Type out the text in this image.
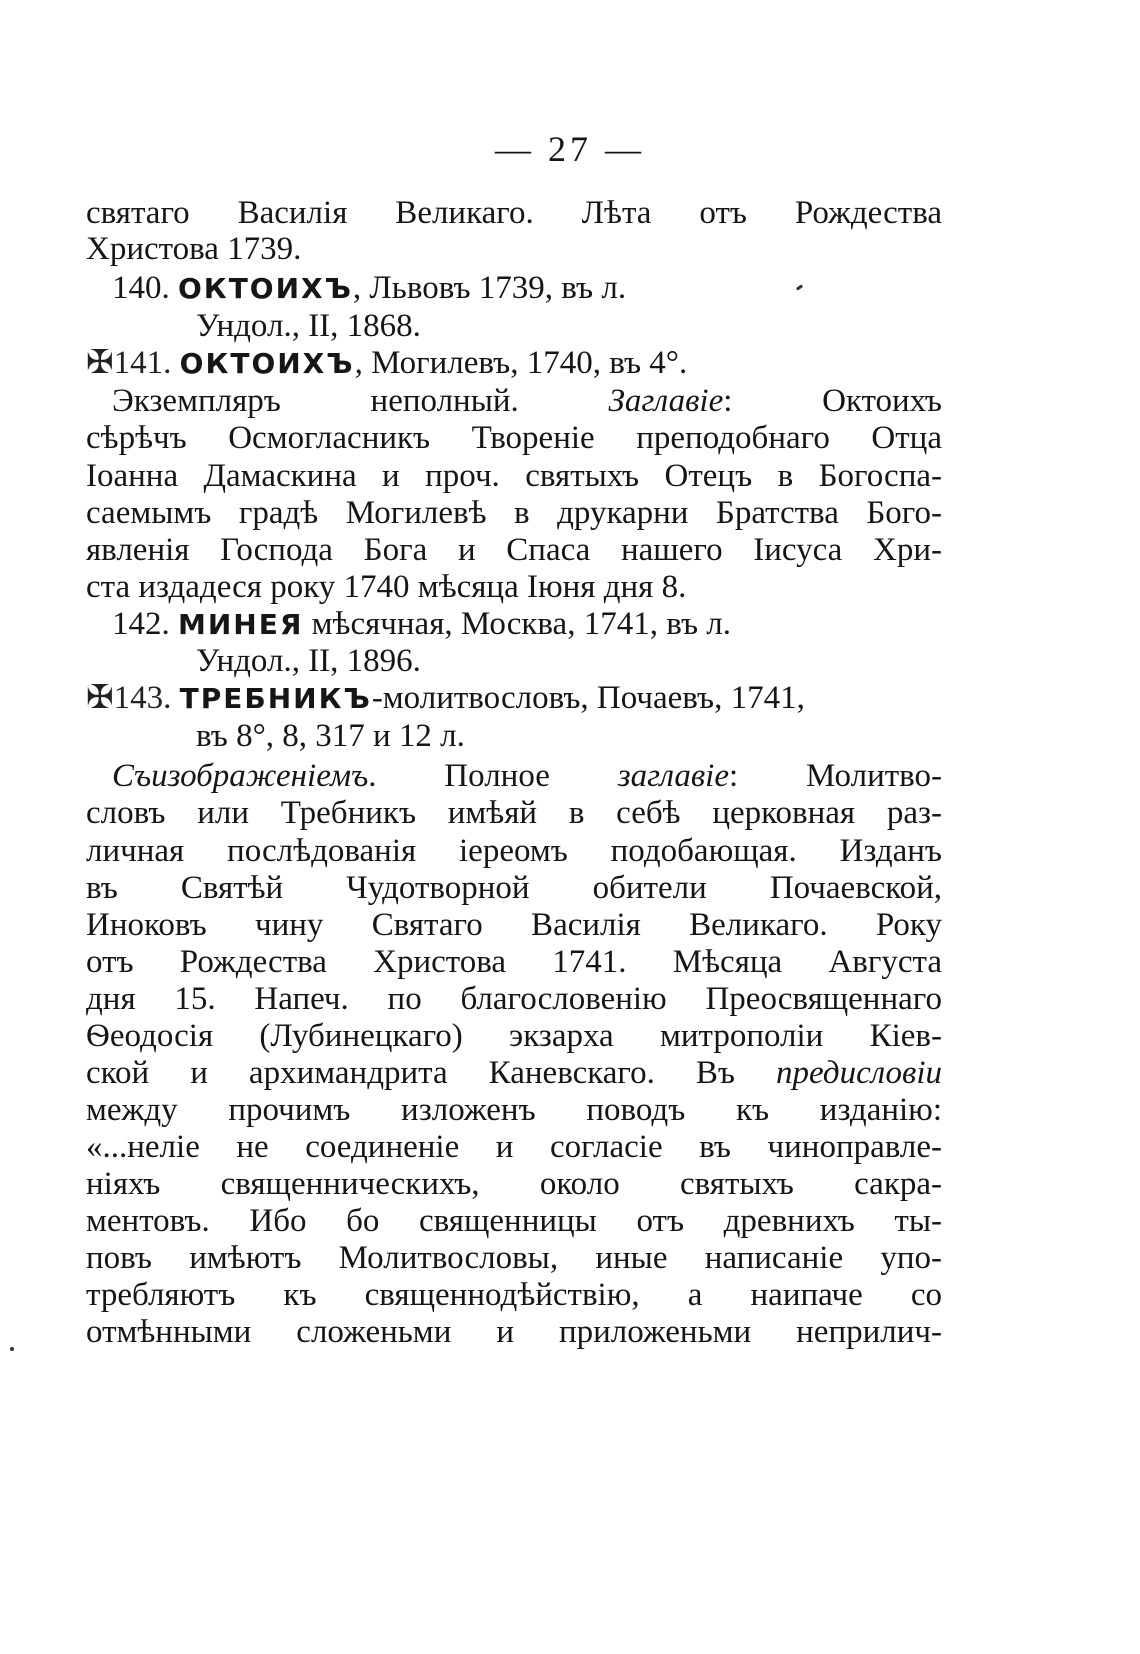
— 27 —
святаго Василія Великаго. Лѣта отъ Рождества
Христова 1739.
140. ОКТОИХЪ, Львовъ 1739, въ л.
Ундол., II, 1868.
✠141. ОКТОИХЪ, Могилевъ, 1740, въ 4°.
Экземпляръ неполный. Заглавіе: Октоихъ
сѣрѣчъ Осмогласникъ Твореніе преподобнаго Отца
Іоанна Дамаскина и проч. святыхъ Отецъ в Богоспа-
саемымъ градѣ Могилевѣ в друкарни Братства Бого-
явленія Господа Бога и Спаса нашего Іисуса Хри-
ста издадеся року 1740 мѣсяца Іюня дня 8.
142. МИНЕЯ мѣсячная, Москва, 1741, въ л.
Ундол., II, 1896.
✠143. ТРЕБНИКЪ-молитвословъ, Почаевъ, 1741,
въ 8°, 8, 317 и 12 л.
Съизображеніемъ. Полное заглавіе: Молитво-
словъ или Требникъ имѣяй в себѣ церковная раз-
личная послѣдованія іереомъ подобающая. Изданъ
въ Святѣй Чудотворной обители Почаевской,
Иноковъ чину Святаго Василія Великаго. Року
отъ Рождества Христова 1741. Мѣсяца Августа
дня 15. Напеч. по благословенію Преосвященнаго
Ѳеодосія (Лубинецкаго) экзарха митрополіи Кіев-
ской и архимандрита Каневскаго. Въ предисловіи
между прочимъ изложенъ поводъ къ изданію:
«...нeліе не соединеніе и согласіе въ чиноправле-
ніяхъ священническихъ, около святыхъ сакра-
ментовъ. Ибо бо священницы отъ древнихъ ты-
повъ имѣютъ Молитвословы, иные написаніе упо-
требляютъ къ священнодѣйствію, а наипаче со
отмѣнными сложеньми и приложеньми неприлич-
